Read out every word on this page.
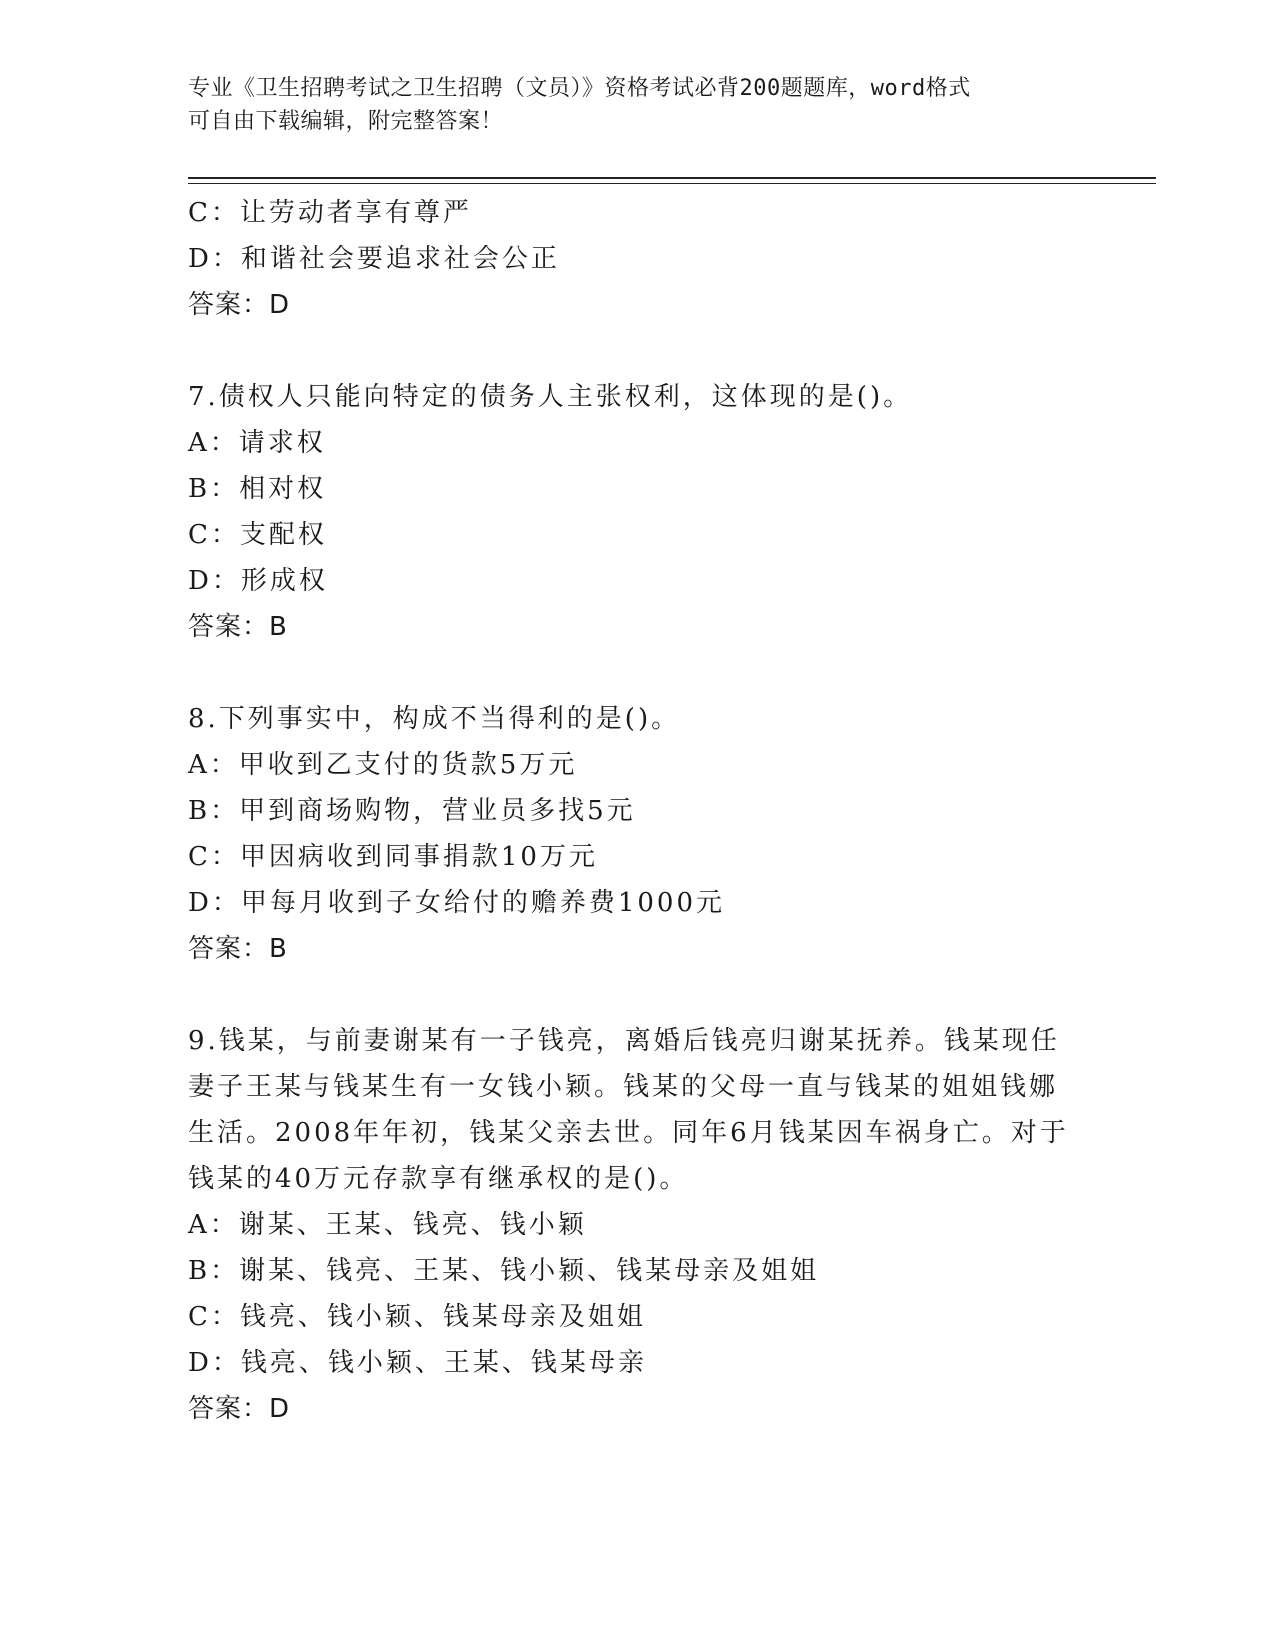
专业《卫生招聘考试之卫生招聘（文员）》资格考试必背200题题库，word格式
可自由下载编辑，附完整答案！
C：让劳动者享有尊严
D：和谐社会要追求社会公正
答案：D
7.债权人只能向特定的债务人主张权利，这体现的是()。
A：请求权
B：相对权
C：支配权
D：形成权
答案：B
8.下列事实中，构成不当得利的是()。
A：甲收到乙支付的货款5万元
B：甲到商场购物，营业员多找5元
C：甲因病收到同事捐款10万元
D：甲每月收到子女给付的赡养费1000元
答案：B
9.钱某，与前妻谢某有一子钱亮，离婚后钱亮归谢某抚养。钱某现任
妻子王某与钱某生有一女钱小颖。钱某的父母一直与钱某的姐姐钱娜
生活。2008年年初，钱某父亲去世。同年6月钱某因车祸身亡。对于
钱某的40万元存款享有继承权的是()。
A：谢某、王某、钱亮、钱小颖
B：谢某、钱亮、王某、钱小颖、钱某母亲及姐姐
C：钱亮、钱小颖、钱某母亲及姐姐
D：钱亮、钱小颖、王某、钱某母亲
答案：D
